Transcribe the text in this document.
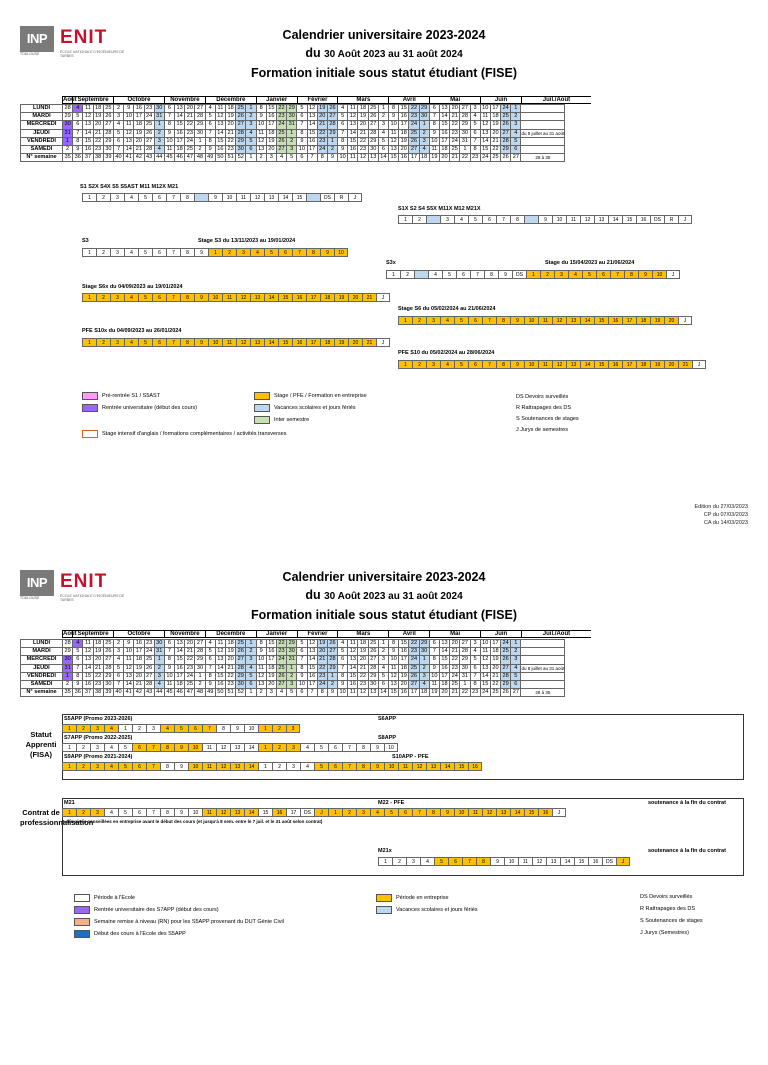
INP
TOULOUSE
ENIT
ÉCOLE NATIONALE D'INGÉNIEURS DE TARBES
Calendrier universitaire 2023-2024
du 30 Août 2023 au 31 août 2024
Formation initiale sous statut étudiant (FISE)
Aout Septembre	Octobre	Novembre	Décembre	Janvier	Février	Mars	Avril	Mai	Juin	Juil./Août
LUNDI	28	4	11	18	25	2	9	16	23	30	6	13	20	27	4	11	18	25	1	8	15	22	29	5	12	19	26	4	11	18	25	1	8	15	22	29	6	13	20	27	3	10	17	24	1	
MARDI	29	5	12	19	26	3	10	17	24	31	7	14	21	28	5	12	19	26	2	9	16	23	30	6	13	20	27	5	12	19	26	2	9	16	23	30	7	14	21	28	4	11	18	25	2	
MERCREDI	30	6	13	20	27	4	11	18	25	1	8	15	22	29	6	13	20	27	3	10	17	24	31	7	14	21	28	6	13	20	27	3	10	17	24	1	8	15	22	29	5	12	19	26	3	
JEUDI	31	7	14	21	28	5	12	19	26	2	9	16	23	30	7	14	21	28	4	11	18	25	1	8	15	22	29	7	14	21	28	4	11	18	25	2	9	16	23	30	6	13	20	27	4	du 8 juillet au 31 août
VENDREDI	1	8	15	22	29	6	13	20	27	3	10	17	24	1	8	15	22	29	5	12	19	26	2	9	16	23	1	8	15	22	29	5	12	19	26	3	10	17	24	31	7	14	21	28	5	
SAMEDI	2	9	16	23	30	7	14	21	28	4	11	18	25	2	9	16	23	30	6	13	20	27	3	10	17	24	2	9	16	23	30	6	13	20	27	4	11	18	25	1	8	15	22	29	6	
N° semaine	35	36	37	38	39	40	41	42	43	44	45	46	47	48	49	50	51	52	1	2	3	4	5	6	7	8	9	10	11	12	13	14	15	16	17	18	19	20	21	22	23	24	25	26	27	28 à 35
S1 S2X S4X S5 S5AST M11 M12X M21
1	2	3	4	5	6	7	8	9	10	11	12	13	14	15	DS	R	J
S1X S2 S4 S5X M11X M12 M21X
1	2	3	4	5	6	7	8	9	10	11	12	13	14	15	16	DS	R	J
S3	Stage S3 du 13/11/2023 au 19/01/2024
1	2	3	4	5	6	7	8	9	1	2	3	4	5	6	7	8	9	10
S3x	Stage du 15/04/2023 au 21/06/2024
1	2	4	5	6	7	8	9	DS	1	2	3	4	5	6	7	8	9	10	J
Stage S6x du 04/09/2023 au 19/01/2024
1	2	3	4	5	6	7	8	9	10	11	12	13	14	15	16	17	18	19	20	21	J
Stage S6 du 05/02/2024 au 21/06/2024
1	2	3	4	5	6	7	8	9	10	11	12	13	14	15	16	17	18	19	20	J
PFE S10x du 04/09/2023 au 26/01/2024
1	2	3	4	5	6	7	8	9	10	11	12	13	14	15	16	17	18	19	20	21	J
PFE S10 du 05/02/2024 au 28/06/2024
1	2	3	4	5	6	7	8	9	10	11	12	13	14	15	16	17	18	19	20	21	J
Pré-rentrée S1 / S5AST
Rentrée universitaire (début des cours)
Stage intensif d'anglais / formations complémentaires / activités transverses
Stage / PFE / Formation en entreprise
Vacances scolaires et jours fériés
Inter semestre
DS Devoirs surveillés
R Rattrapages des DS
S Soutenances de stages
J Jurys de semestres
Edition du 27/03/2023
CP du 07/03/2023
CA du 14/03/2023
INP
TOULOUSE
ENIT
ÉCOLE NATIONALE D'INGÉNIEURS DE TARBES
Calendrier universitaire 2023-2024
du 30 Août 2023 au 31 août 2024
Formation initiale sous statut étudiant (FISE)
Aout Septembre	Octobre	Novembre	Décembre	Janvier	Février	Mars	Avril	Mai	Juin	Juil./Août
LUNDI	28	4	11	18	25	2	9	16	23	30	6	13	20	27	4	11	18	25	1	8	15	22	29	5	12	19	26	4	11	18	25	1	8	15	22	29	6	13	20	27	3	10	17	24	1	
MARDI	29	5	12	19	26	3	10	17	24	31	7	14	21	28	5	12	19	26	2	9	16	23	30	6	13	20	27	5	12	19	26	2	9	16	23	30	7	14	21	28	4	11	18	25	2	
MERCREDI	30	6	13	20	27	4	11	18	25	1	8	15	22	29	6	13	20	27	3	10	17	24	31	7	14	21	28	6	13	20	27	3	10	17	24	1	8	15	22	29	5	12	19	26	3	
JEUDI	31	7	14	21	28	5	12	19	26	2	9	16	23	30	7	14	21	28	4	11	18	25	1	8	15	22	29	7	14	21	28	4	11	18	25	2	9	16	23	30	6	13	20	27	4	du 8 juillet au 31 août
VENDREDI	1	8	15	22	29	6	13	20	27	3	10	17	24	1	8	15	22	29	5	12	19	26	2	9	16	23	1	8	15	22	29	5	12	19	26	3	10	17	24	31	7	14	21	28	5	
SAMEDI	2	9	16	23	30	7	14	21	28	4	11	18	25	2	9	16	23	30	6	13	20	27	3	10	17	24	2	9	16	23	30	6	13	20	27	4	11	18	25	1	8	15	22	29	6	
N° semaine	35	36	37	38	39	40	41	42	43	44	45	46	47	48	49	50	51	52	1	2	3	4	5	6	7	8	9	10	11	12	13	14	15	16	17	18	19	20	21	22	23	24	25	26	27	28 à 35
Statut Apprenti (FISA)
S5APP (Promo 2023-2026)	S6APP
1	2	3	4	1	2	3	4	5	6	7	8	9	10	1	2	3
S7APP (Promo 2022-2025)	S8APP
1	2	3	4	5	6	7	8	9	10	11	12	13	14	1	2	3	4	5	6	7	8	9	10
S9APP (Promo 2021-2024)	S10APP - PFE
1	2	3	4	5	6	7	8	9	10	11	12	13	14	1	2	3	4	5	6	7	8	9	10	11	12	13	14	15	16
Contrat de professionnalisation
M21	M22 - PFE	soutenance à la fin du contrat
1	2	3	4	5	6	7	8	9	10	11	12	13	14	15	16	17	DS	J	1	2	3	4	5	6	7	8	9	10	11	12	13	14	15	16	J
2 semaines conseillées en entreprise avant le début des cours (et jusqu'à 8 sem. entre le 7 juil. et le 31 août selon contrat)
M21x	soutenance à la fin du contrat
1	2	3	4	5	6	7	8	9	10	11	12	13	14	15	16	DS	J
Période à l'Ecole
Rentrée universitaire des S7APP (début des cours)
Semaine remise à niveau (RN) pour les S5APP provenant du DUT Génie Civil
Début des cours à l'Ecole des S5APP
Période en entreprise
Vacances scolaires et jours fériés
DS Devoirs surveillés
R Rattrapages des DS
S Soutenances de stages
J Jurys (Semestres)
